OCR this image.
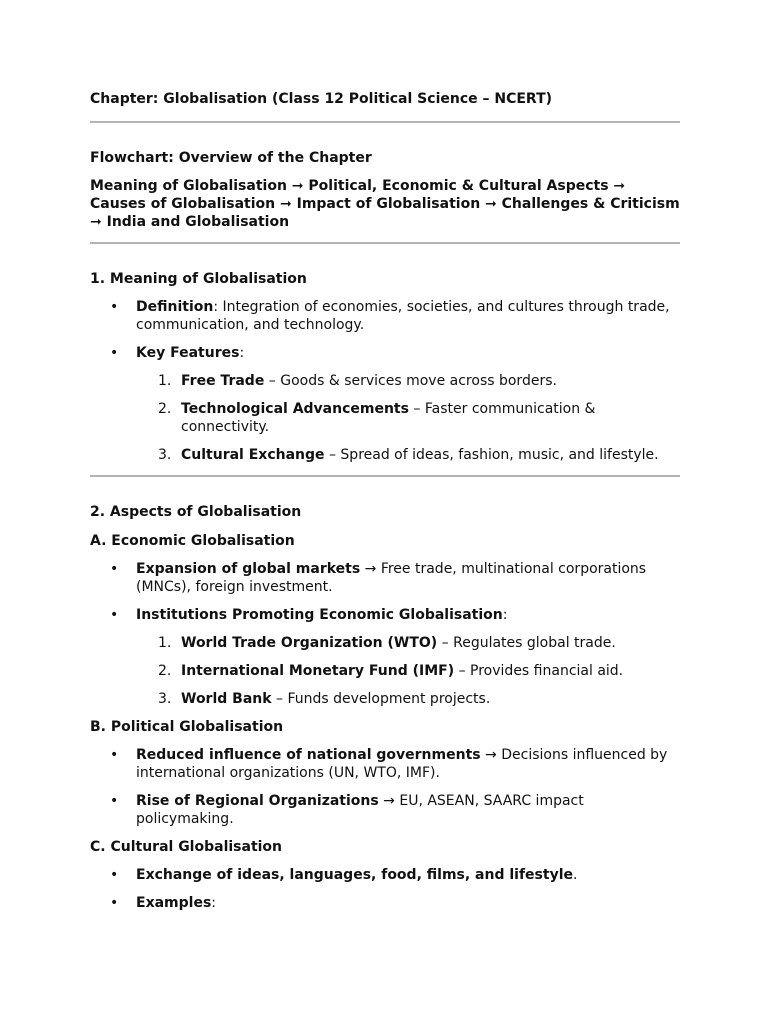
Chapter: Globalisation (Class 12 Political Science – NCERT)

Flowchart: Overview of the Chapter

Meaning of Globalisation ➞ Political, Economic & Cultural Aspects ➞ Causes of Globalisation ➞ Impact of Globalisation ➞ Challenges & Criticism ➞ India and Globalisation

1. Meaning of Globalisation

• Definition: Integration of economies, societies, and cultures through trade, communication, and technology.
• Key Features:
1. Free Trade – Goods & services move across borders.
2. Technological Advancements – Faster communication & connectivity.
3. Cultural Exchange – Spread of ideas, fashion, music, and lifestyle.

2. Aspects of Globalisation

A. Economic Globalisation

• Expansion of global markets → Free trade, multinational corporations (MNCs), foreign investment.
• Institutions Promoting Economic Globalisation:
1. World Trade Organization (WTO) – Regulates global trade.
2. International Monetary Fund (IMF) – Provides financial aid.
3. World Bank – Funds development projects.

B. Political Globalisation

• Reduced influence of national governments → Decisions influenced by international organizations (UN, WTO, IMF).
• Rise of Regional Organizations → EU, ASEAN, SAARC impact policymaking.

C. Cultural Globalisation

• Exchange of ideas, languages, food, films, and lifestyle.
• Examples:
